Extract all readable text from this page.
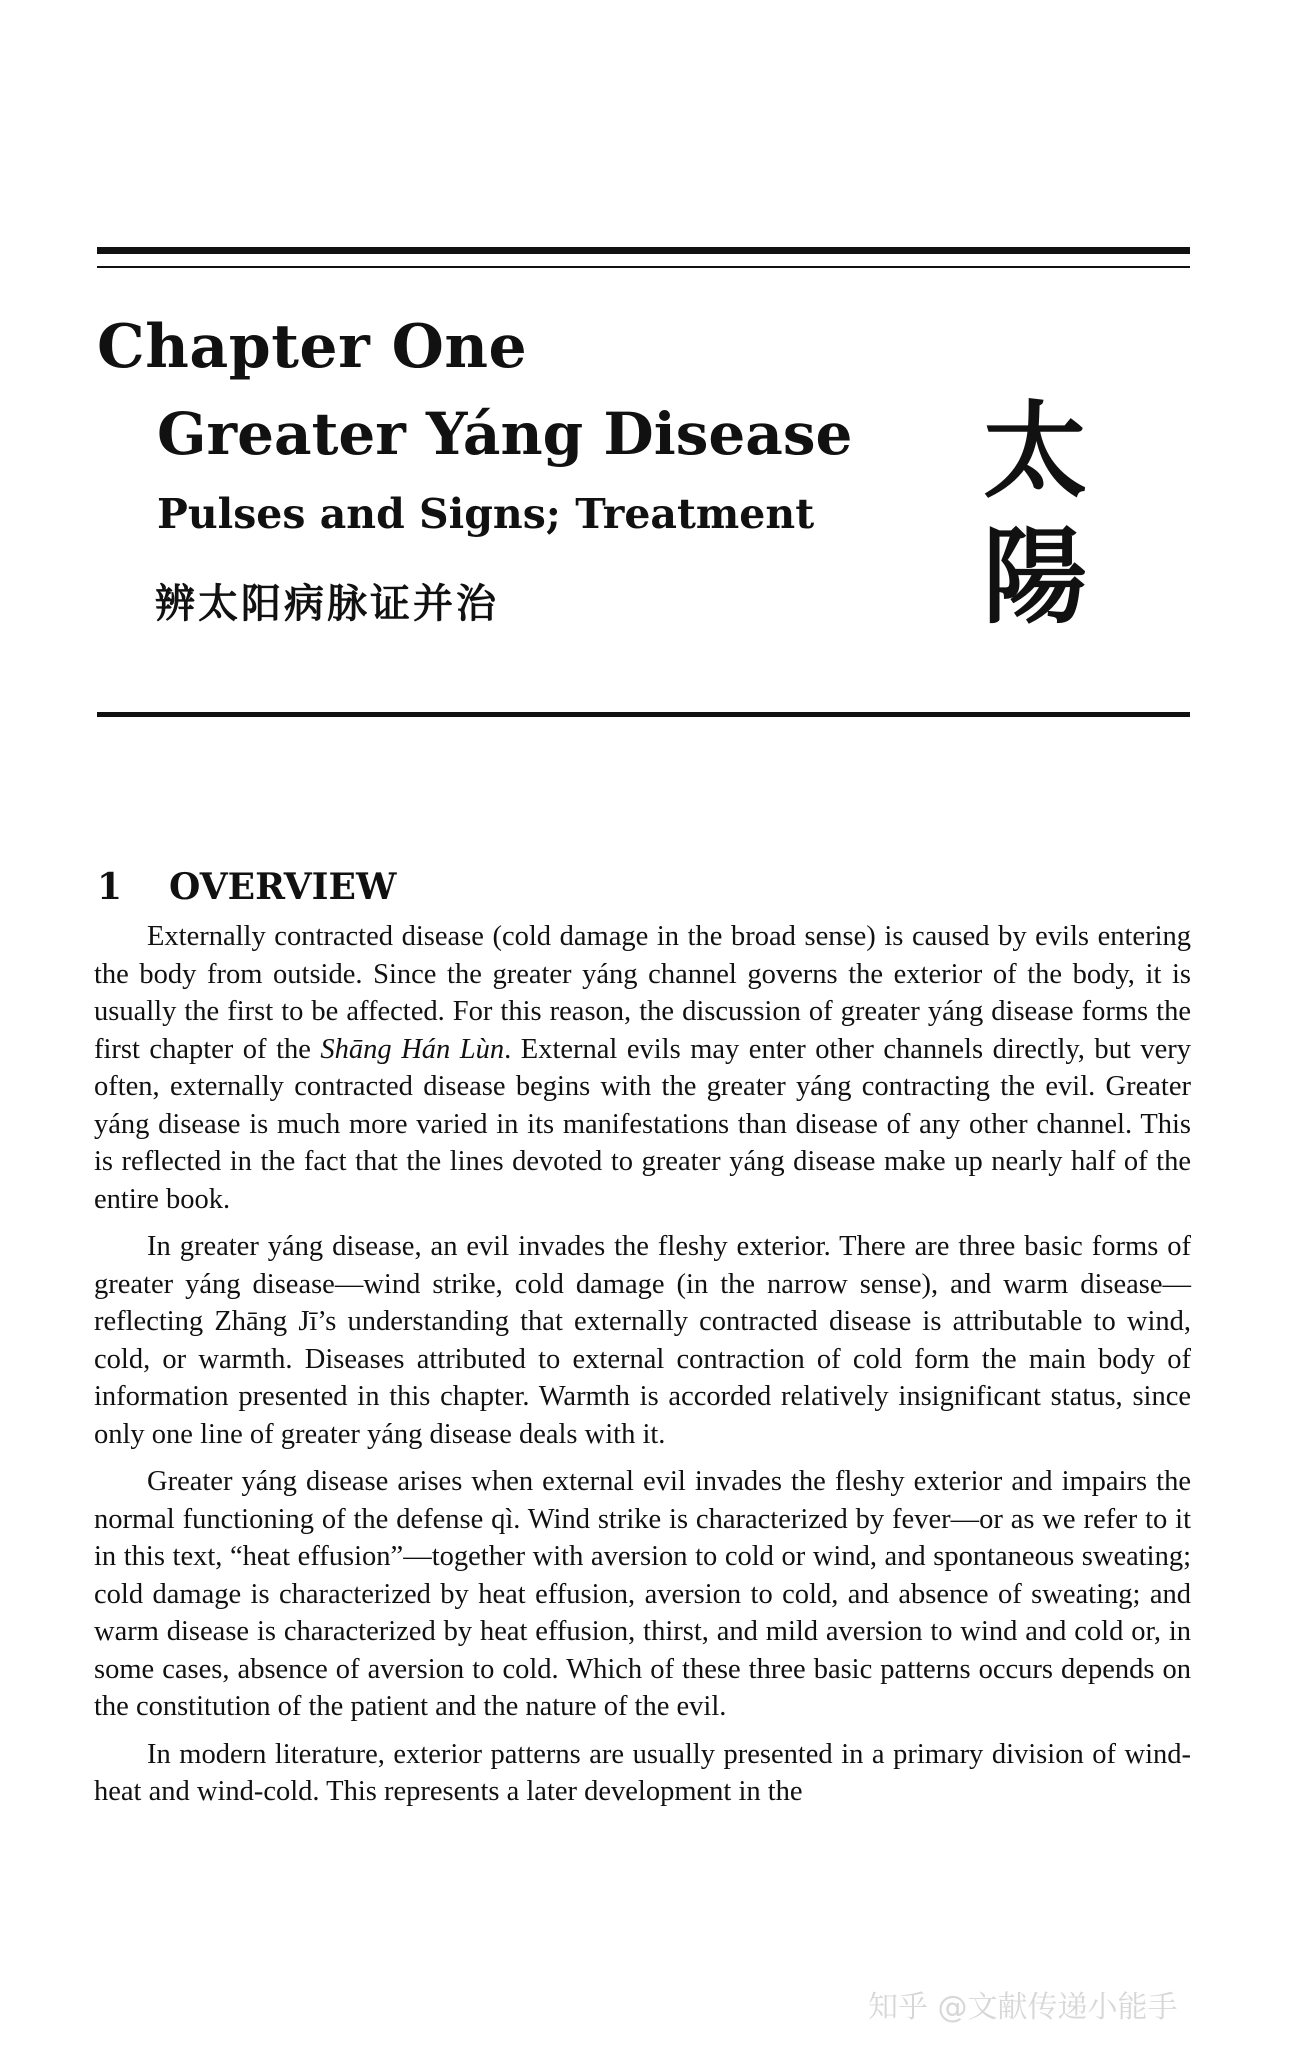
Chapter One
Greater Yáng Disease
Pulses and Signs; Treatment
辨太阳病脉证并治
太
陽
1 OVERVIEW

Externally contracted disease (cold damage in the broad sense) is caused by evils entering the body from outside. Since the greater yáng channel governs the exterior of the body, it is usually the first to be affected. For this reason, the discussion of greater yáng disease forms the first chapter of the Shāng Hán Lùn. External evils may enter other channels directly, but very often, externally contracted disease begins with the greater yáng contracting the evil. Greater yáng disease is much more varied in its manifestations than disease of any other channel. This is reflected in the fact that the lines devoted to greater yáng disease make up nearly half of the entire book.

In greater yáng disease, an evil invades the fleshy exterior. There are three basic forms of greater yáng disease—wind strike, cold damage (in the narrow sense), and warm disease—reflecting Zhāng Jī’s understanding that externally contracted disease is attributable to wind, cold, or warmth. Diseases attributed to external contraction of cold form the main body of information presented in this chapter. Warmth is accorded relatively insignificant status, since only one line of greater yáng disease deals with it.

Greater yáng disease arises when external evil invades the fleshy exterior and impairs the normal functioning of the defense qì. Wind strike is characterized by fever—or as we refer to it in this text, “heat effusion”—together with aversion to cold or wind, and spontaneous sweating; cold damage is characterized by heat effusion, aversion to cold, and absence of sweating; and warm disease is characterized by heat effusion, thirst, and mild aversion to wind and cold or, in some cases, absence of aversion to cold. Which of these three basic patterns occurs depends on the constitution of the patient and the nature of the evil.

In modern literature, exterior patterns are usually presented in a primary division of wind-heat and wind-cold. This represents a later development in the

知乎 @文献传递小能手
